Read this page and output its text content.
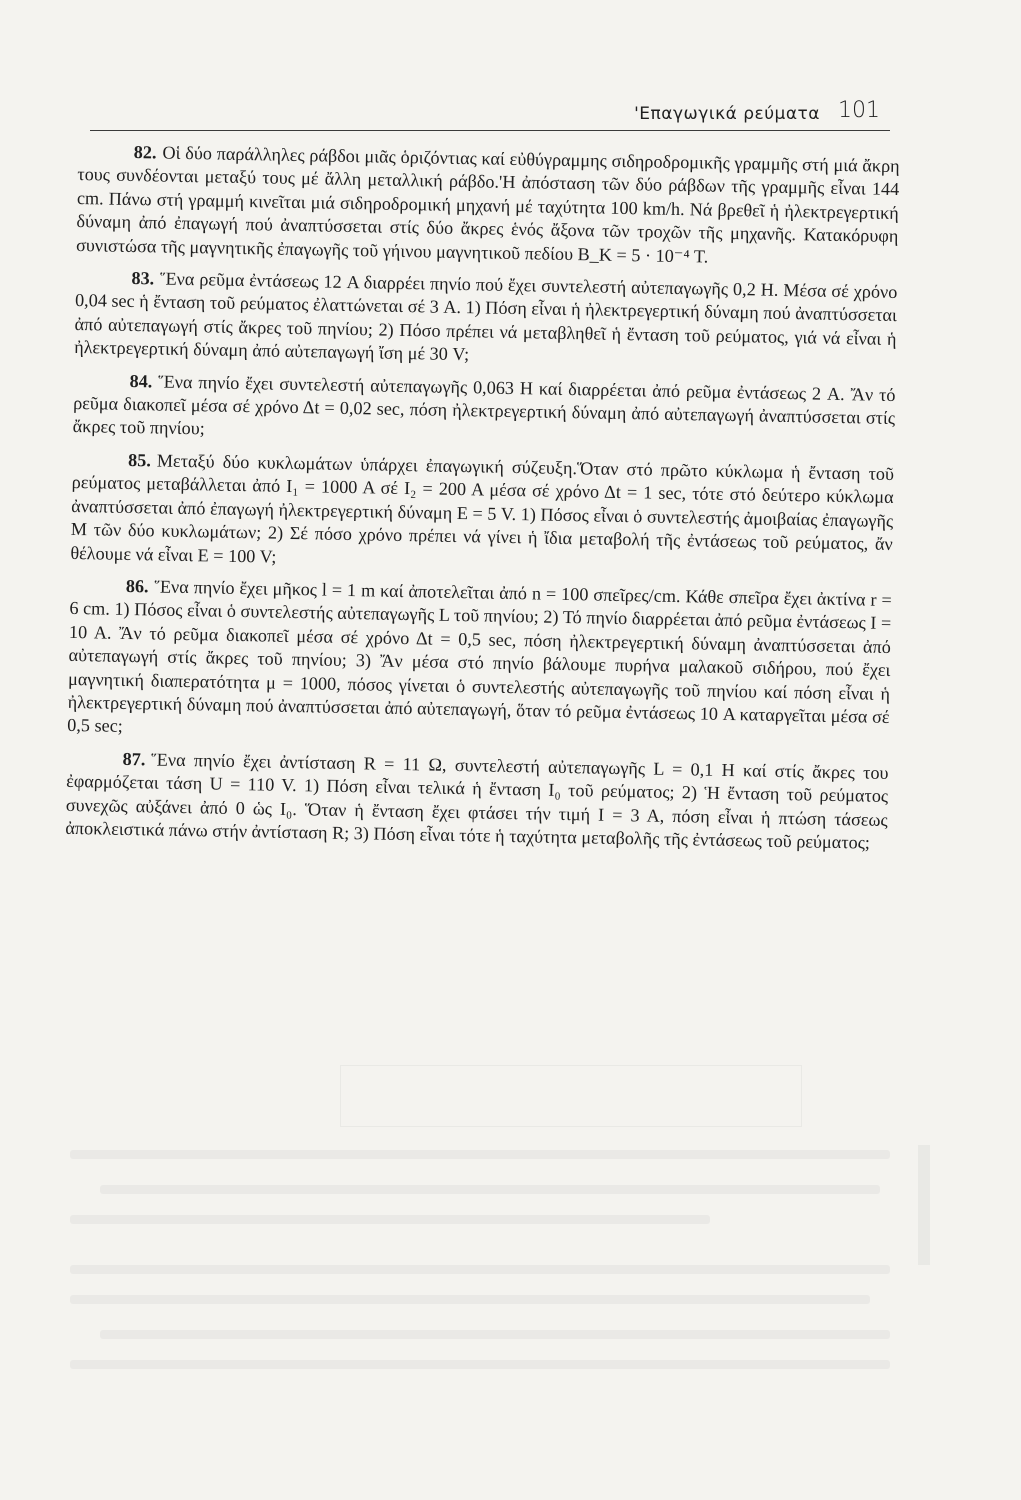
'Επαγωγικά ρεύματα 101

82. Οἱ δύο παράλληλες ράβδοι μιᾶς ὁριζόντιας καί εὐθύγραμμης σιδηροδρομικῆς γραμμῆς στή μιά ἄκρη τους συνδέονται μεταξύ τους μέ ἄλλη μεταλλική ράβδο.'Η ἀπόσταση τῶν δύο ράβδων τῆς γραμμῆς εἶναι 144 cm. Πάνω στή γραμμή κινεῖται μιά σιδηροδρομική μηχανή μέ ταχύτητα 100 km/h. Νά βρεθεῖ ἡ ἠλεκτρεγερτική δύναμη ἀπό ἐπαγωγή πού ἀναπτύσσεται στίς δύο ἄκρες ἑνός ἄξονα τῶν τροχῶν τῆς μηχανῆς. Κατακόρυφη συνιστώσα τῆς μαγνητικῆς ἐπαγωγῆς τοῦ γήινου μαγνητικοῦ πεδίου B_K = 5 · 10⁻⁴ T.

83. Ἕνα ρεῦμα ἐντάσεως 12 A διαρρέει πηνίο πού ἔχει συντελεστή αὐτεπαγωγῆς 0,2 H. Μέσα σέ χρόνο 0,04 sec ἡ ἔνταση τοῦ ρεύματος ἐλαττώνεται σέ 3 A. 1) Πόση εἶναι ἡ ἠλεκτρεγερτική δύναμη πού ἀναπτύσσεται ἀπό αὐτεπαγωγή στίς ἄκρες τοῦ πηνίου; 2) Πόσο πρέπει νά μεταβληθεῖ ἡ ἔνταση τοῦ ρεύματος, γιά νά εἶναι ἡ ἠλεκτρεγερτική δύναμη ἀπό αὐτεπαγωγή ἴση μέ 30 V;

84. Ἕνα πηνίο ἔχει συντελεστή αὐτεπαγωγῆς 0,063 H καί διαρρέεται ἀπό ρεῦμα ἐντάσεως 2 A. Ἄν τό ρεῦμα διακοπεῖ μέσα σέ χρόνο Δt = 0,02 sec, πόση ἠλεκτρεγερτική δύναμη ἀπό αὐτεπαγωγή ἀναπτύσσεται στίς ἄκρες τοῦ πηνίου;

85. Μεταξύ δύο κυκλωμάτων ὑπάρχει ἐπαγωγική σύζευξη.Ὅταν στό πρῶτο κύκλωμα ἡ ἔνταση τοῦ ρεύματος μεταβάλλεται ἀπό I₁ = 1000 A σέ I₂ = 200 A μέσα σέ χρόνο Δt = 1 sec, τότε στό δεύτερο κύκλωμα ἀναπτύσσεται ἀπό ἐπαγωγή ἠλεκτρεγερτική δύναμη E = 5 V. 1) Πόσος εἶναι ὁ συντελεστής ἀμοιβαίας ἐπαγωγῆς M τῶν δύο κυκλωμάτων; 2) Σέ πόσο χρόνο πρέπει νά γίνει ἡ ἴδια μεταβολή τῆς ἐντάσεως τοῦ ρεύματος, ἄν θέλουμε νά εἶναι E = 100 V;

86. Ἕνα πηνίο ἔχει μῆκος l = 1 m καί ἀποτελεῖται ἀπό n = 100 σπεῖρες/cm. Κάθε σπεῖρα ἔχει ἀκτίνα r = 6 cm. 1) Πόσος εἶναι ὁ συντελεστής αὐτεπαγωγῆς L τοῦ πηνίου; 2) Τό πηνίο διαρρέεται ἀπό ρεῦμα ἐντάσεως I = 10 A. Ἄν τό ρεῦμα διακοπεῖ μέσα σέ χρόνο Δt = 0,5 sec, πόση ἠλεκτρεγερτική δύναμη ἀναπτύσσεται ἀπό αὐτεπαγωγή στίς ἄκρες τοῦ πηνίου; 3) Ἄν μέσα στό πηνίο βάλουμε πυρήνα μαλακοῦ σιδήρου, πού ἔχει μαγνητική διαπερατότητα μ = 1000, πόσος γίνεται ὁ συντελεστής αὐτεπαγωγῆς τοῦ πηνίου καί πόση εἶναι ἡ ἠλεκτρεγερτική δύναμη πού ἀναπτύσσεται ἀπό αὐτεπαγωγή, ὅταν τό ρεῦμα ἐντάσεως 10 A καταργεῖται μέσα σέ 0,5 sec;

87. Ἕνα πηνίο ἔχει ἀντίσταση R = 11 Ω, συντελεστή αὐτεπαγωγῆς L = 0,1 H καί στίς ἄκρες του ἐφαρμόζεται τάση U = 110 V. 1) Πόση εἶναι τελικά ἡ ἔνταση I₀ τοῦ ρεύματος; 2) Ἡ ἔνταση τοῦ ρεύματος συνεχῶς αὐξάνει ἀπό 0 ὡς I₀. Ὅταν ἡ ἔνταση ἔχει φτάσει τήν τιμή I = 3 A, πόση εἶναι ἡ πτώση τάσεως ἀποκλειστικά πάνω στήν ἀντίσταση R; 3) Πόση εἶναι τότε ἡ ταχύτητα μεταβολῆς τῆς ἐντάσεως τοῦ ρεύματος;
